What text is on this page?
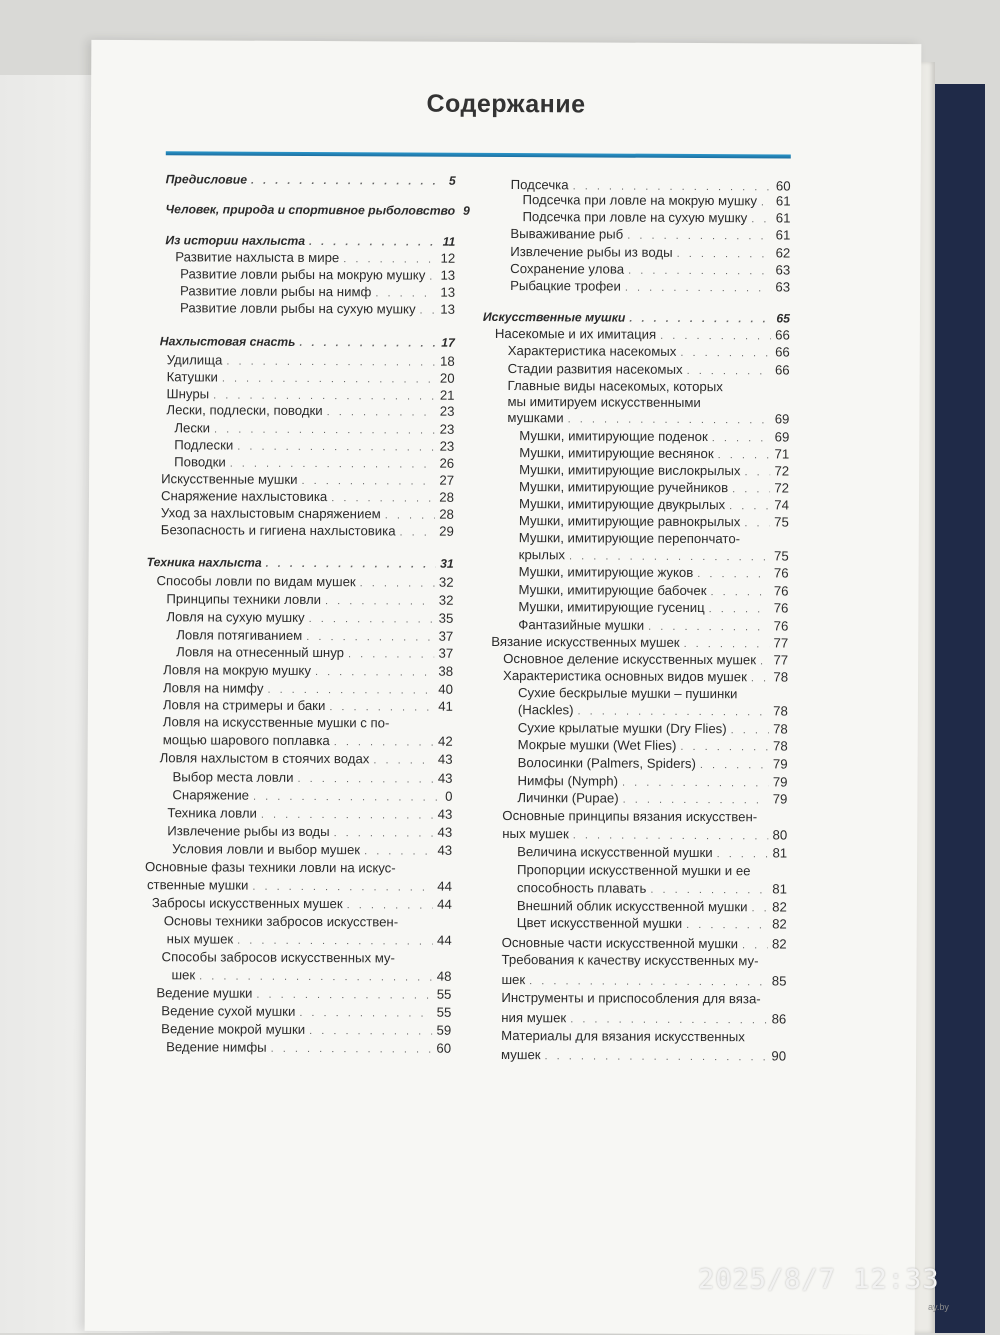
Содержание
Предисловие . . .	5
Человек, природа и спортивное рыболовство . . . 9
Из истории нахлыста . . .	11
Развитие нахлыста в мире . . .	12
Развитие ловли рыбы на мокрую мушку . . . 13
Развитие ловли рыбы на нимф . . .	13
Развитие ловли рыбы на сухую мушку . . . 13
Нахлыстовая снасть . . .	17
Удилища . . .	18
Катушки . . .	20
Шнуры . . .	21
Лески, подлески, поводки . . .	23
Лески . . .	23
Подлески . . .	23
Поводки . . .	26
Искусственные мушки . . .	27
Снаряжение нахлыстовика . . .	28
Уход за нахлыстовым снаряжением . . .	28
Безопасность и гигиена нахлыстовика . . .	29
Техника нахлыста . . .	31
Способы ловли по видам мушек . . .	32
Принципы техники ловли . . .	32
Ловля на сухую мушку . . .	35
Ловля потягиванием . . .	37
Ловля на отнесенный шнур . . .	37
Ловля на мокрую мушку . . .	38
Ловля на нимфу . . .	40
Ловля на стримеры и баки . . .	41
Ловля на искусственные мушки с по-
мощью шарового поплавка . . .	42
Ловля нахлыстом в стоячих водах . . .	43
Выбор места ловли . . .	43
Снаряжение . . .	0
Техника ловли . . .	43
Извлечение рыбы из воды . . .	43
Условия ловли и выбор мушек . . .	43
Основные фазы техники ловли на искус-
ственные мушки . . .	44
Забросы искусственных мушек . . .	44
Основы техники забросов искусствен-
ных мушек . . .	44
Способы забросов искусственных му-
шек . . .	48
Ведение мушки . . .	55
Ведение сухой мушки . . .	55
Ведение мокрой мушки . . .	59
Ведение нимфы . . .	60
Подсечка . . .	60
Подсечка при ловле на мокрую мушку . . . 61
Подсечка при ловле на сухую мушку . . . 61
Вываживание рыб . . .	61
Извлечение рыбы из воды . . .	62
Сохранение улова . . .	63
Рыбацкие трофеи . . .	63
Искусственные мушки . . .	65
Насекомые и их имитация . . .	66
Характеристика насекомых . . .	66
Стадии развития насекомых . . .	66
Главные виды насекомых, которых
мы имитируем искусственными
мушками . . .	69
Мушки, имитирующие поденок . . .	69
Мушки, имитирующие веснянок . . .	71
Мушки, имитирующие вислокрылых . . .	72
Мушки, имитирующие ручейников . . .	72
Мушки, имитирующие двукрылых . . .	74
Мушки, имитирующие равнокрылых . . .	75
Мушки, имитирующие перепончато-
крылых . . .	75
Мушки, имитирующие жуков . . .	76
Мушки, имитирующие бабочек . . .	76
Мушки, имитирующие гусениц . . .	76
Фантазийные мушки . . .	76
Вязание искусственных мушек . . .	77
Основное деление искусственных мушек . . . 77
Характеристика основных видов мушек . . . 78
Сухие бескрылые мушки – пушинки
(Hackles) . . .	78
Сухие крылатые мушки (Dry Flies) . . .	78
Мокрые мушки (Wet Flies) . . .	78
Волосинки (Palmers, Spiders) . . .	79
Нимфы (Nymph) . . .	79
Личинки (Pupae) . . .	79
Основные принципы вязания искусствен-
ных мушек . . .	80
Величина искусственной мушки . . .	81
Пропорции искусственной мушки и ее
способность плавать . . .	81
Внешний облик искусственной мушки . . . 82
Цвет искусственной мушки . . .	82
Основные части искусственной мушки . . .	82
Требования к качеству искусственных му-
шек . . .	85
Инструменты и приспособления для вяза-
ния мушек . . .	86
Материалы для вязания искусственных
мушек . . .	90
2025/8/7 12:33
ay.by
